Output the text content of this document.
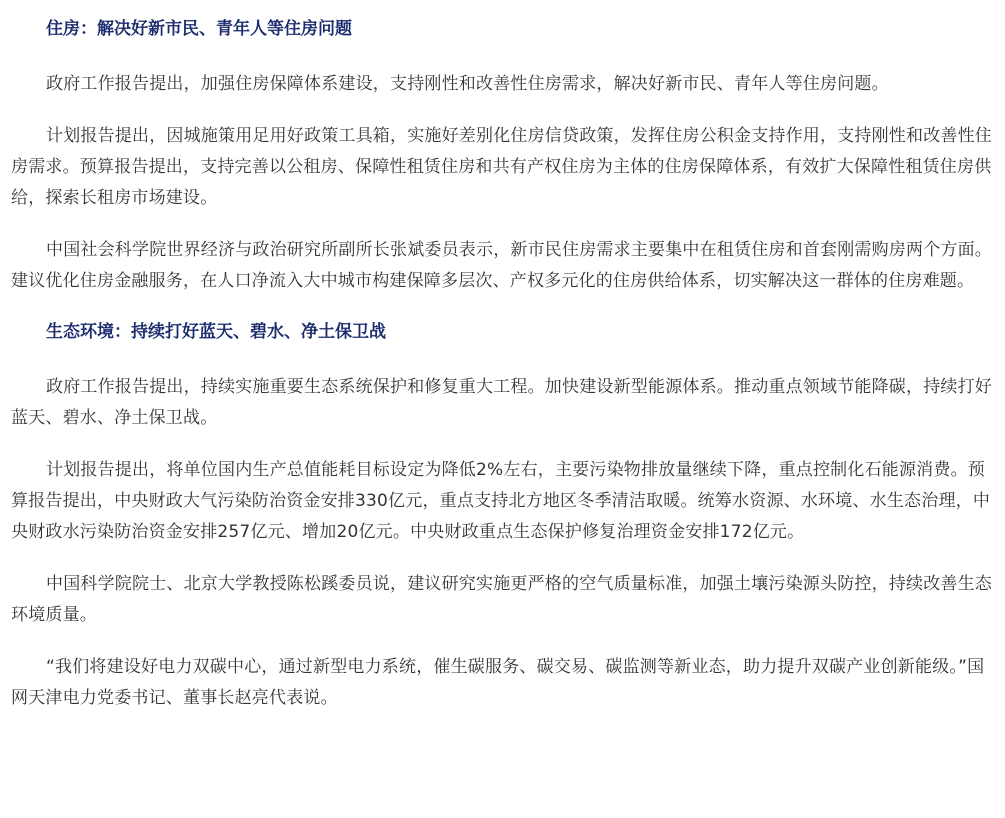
住房：解决好新市民、青年人等住房问题

政府工作报告提出，加强住房保障体系建设，支持刚性和改善性住房需求，解决好新市民、青年人等住房问题。

计划报告提出，因城施策用足用好政策工具箱，实施好差别化住房信贷政策，发挥住房公积金支持作用，支持刚性和改善性住房需求。预算报告提出，支持完善以公租房、保障性租赁住房和共有产权住房为主体的住房保障体系，有效扩大保障性租赁住房供给，探索长租房市场建设。

中国社会科学院世界经济与政治研究所副所长张斌委员表示，新市民住房需求主要集中在租赁住房和首套刚需购房两个方面。建议优化住房金融服务，在人口净流入大中城市构建保障多层次、产权多元化的住房供给体系，切实解决这一群体的住房难题。

生态环境：持续打好蓝天、碧水、净土保卫战

政府工作报告提出，持续实施重要生态系统保护和修复重大工程。加快建设新型能源体系。推动重点领域节能降碳，持续打好蓝天、碧水、净土保卫战。

计划报告提出，将单位国内生产总值能耗目标设定为降低2%左右，主要污染物排放量继续下降，重点控制化石能源消费。预算报告提出，中央财政大气污染防治资金安排330亿元，重点支持北方地区冬季清洁取暖。统筹水资源、水环境、水生态治理，中央财政水污染防治资金安排257亿元、增加20亿元。中央财政重点生态保护修复治理资金安排172亿元。

中国科学院院士、北京大学教授陈松蹊委员说，建议研究实施更严格的空气质量标准，加强土壤污染源头防控，持续改善生态环境质量。

“我们将建设好电力双碳中心，通过新型电力系统，催生碳服务、碳交易、碳监测等新业态，助力提升双碳产业创新能级。”国网天津电力党委书记、董事长赵亮代表说。
